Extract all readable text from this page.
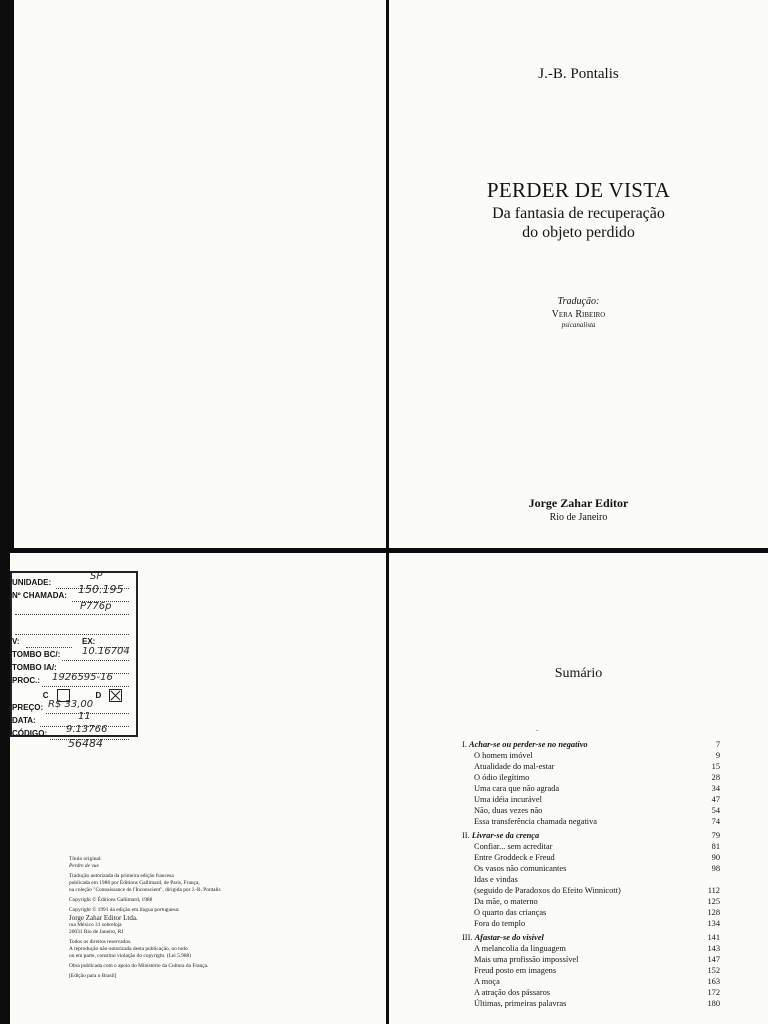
J.-B. Pontalis
PERDER DE VISTA
Da fantasia de recuperação
do objeto perdido
Tradução:
Vera Ribeiro
psicanalista
Jorge Zahar Editor
Rio de Janeiro
UNIDADE:
SP
Nº CHAMADA: 150.195
P776p
V:	EX:
TOMBO BC/: 10.16704
TOMBO IA/:
PROC.: 1926595-16
C	D
PREÇO: R$ 33,00
DATA:	11
CÓDIGO: 9.13766
56484

Título original:
Perdre de vue

Tradução autorizada da primeira edição francesa
publicada em 1988 por Éditions Gallimard, de Paris, França,
na coleção "Connaissance de l'Inconscient", dirigida por J.-B. Pontalis

Copyright © Éditions Gallimard, 1988

Copyright © 1991 da edição em língua portuguesa:
Jorge Zahar Editor Ltda.
rua México 31 sobreloja
20031 Rio de Janeiro, RJ

Todos os direitos reservados.
A reprodução não-autorizada desta publicação, no todo
ou em parte, constitui violação do copyright. (Lei 5.988)

Obra publicada com o apoio do Ministério da Cultura da França.

[Edição para o Brasil]

Sumário
ˇ
I. Achar-se ou perder-se no negativo	7
O homem imóvel	9
Atualidade do mal-estar	15
O ódio ilegítimo	28
Uma cara que não agrada	34
Uma idéia incurável	47
Não, duas vezes não	54
Essa transferência chamada negativa	74
II. Livrar-se da crença	79
Confiar... sem acreditar	81
Entre Groddeck e Freud	90
Os vasos não comunicantes	98
Idas e vindas
(seguido de Paradoxos do Efeito Winnicott)	112
Da mãe, o materno	125
O quarto das crianças	128
Fora do templo	134
III. Afastar-se do visível	141
A melancolia da linguagem	143
Mais uma profissão impossível	147
Freud posto em imagens	152
A moça	163
A atração dos pássaros	172
Últimas, primeiras palavras	180
